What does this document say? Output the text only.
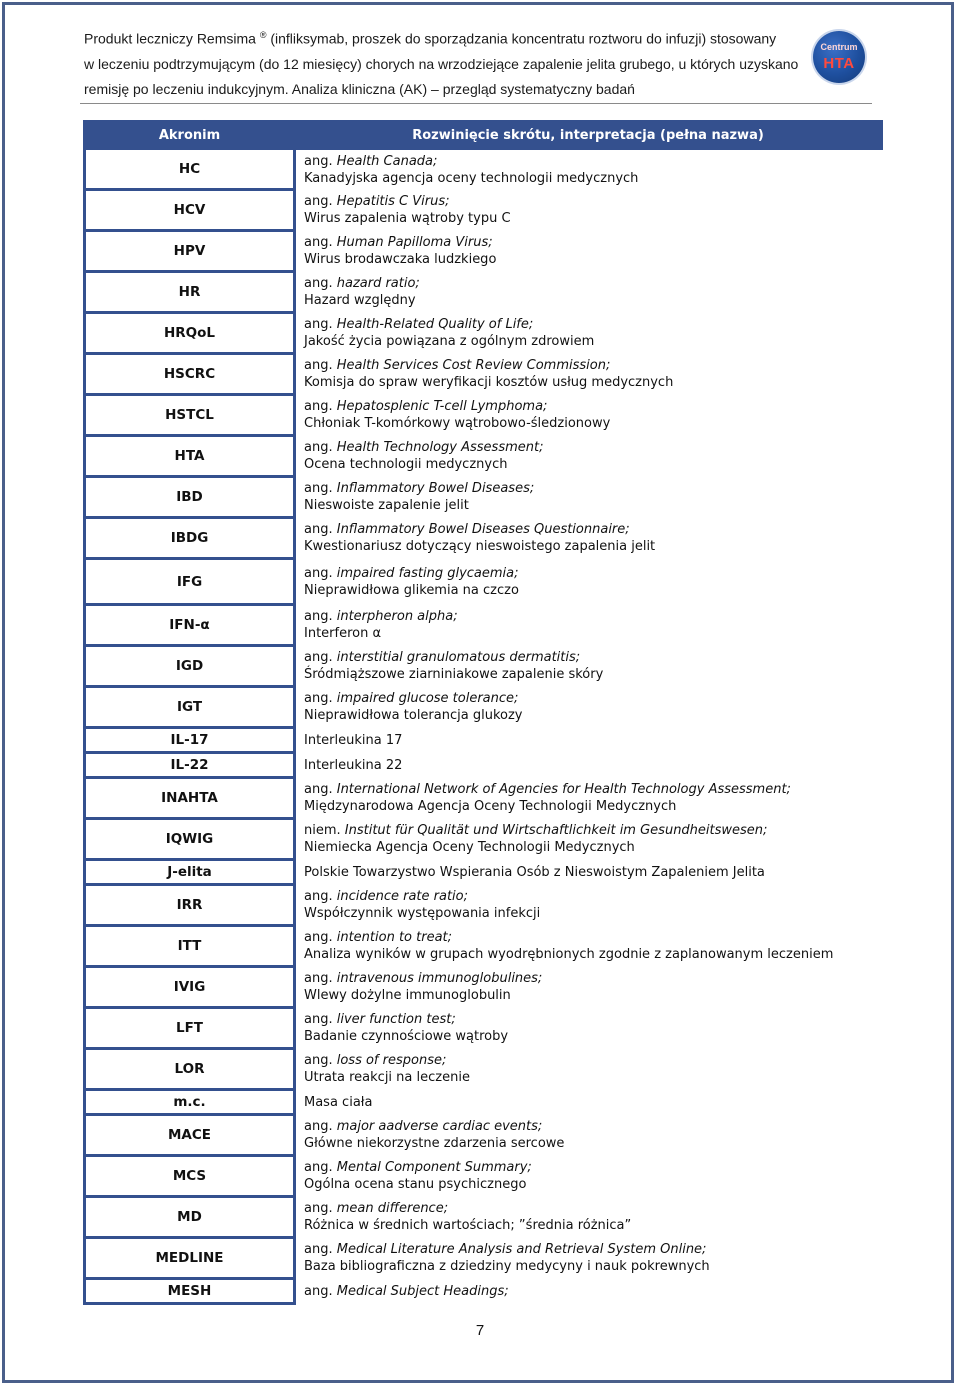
Produkt leczniczy Remsima ® (infliksymab, proszek do sporządzania koncentratu roztworu do infuzji) stosowany
w leczeniu podtrzymującym (do 12 miesięcy) chorych na wrzodziejące zapalenie jelita grubego, u których uzyskano
remisję po leczeniu indukcyjnym. Analiza kliniczna (AK) – przegląd systematyczny badań
Centrum
HTA
Akronim	Rozwinięcie skrótu, interpretacja (pełna nazwa)
HC	ang. Health Canada;
Kanadyjska agencja oceny technologii medycznych

HCV	ang. Hepatitis C Virus;
Wirus zapalenia wątroby typu C

HPV	ang. Human Papilloma Virus;
Wirus brodawczaka ludzkiego

HR	ang. hazard ratio;
Hazard względny

HRQoL	ang. Health-Related Quality of Life;
Jakość życia powiązana z ogólnym zdrowiem

HSCRC	ang. Health Services Cost Review Commission;
Komisja do spraw weryfikacji kosztów usług medycznych

HSTCL	ang. Hepatosplenic T-cell Lymphoma;
Chłoniak T-komórkowy wątrobowo-śledzionowy

HTA	ang. Health Technology Assessment;
Ocena technologii medycznych

IBD	ang. Inflammatory Bowel Diseases;
Nieswoiste zapalenie jelit

IBDG	ang. Inflammatory Bowel Diseases Questionnaire;
Kwestionariusz dotyczący nieswoistego zapalenia jelit

IFG	ang. impaired fasting glycaemia;
Nieprawidłowa glikemia na czczo

IFN-α	ang. interpheron alpha;
Interferon α

IGD	ang. interstitial granulomatous dermatitis;
Śródmiąższowe ziarniniakowe zapalenie skóry

IGT	ang. impaired glucose tolerance;
Nieprawidłowa tolerancja glukozy

IL-17	Interleukina 17

IL-22	Interleukina 22

INAHTA	ang. International Network of Agencies for Health Technology Assessment;
Międzynarodowa Agencja Oceny Technologii Medycznych

IQWIG	niem. Institut für Qualität und Wirtschaftlichkeit im Gesundheitswesen;
Niemiecka Agencja Oceny Technologii Medycznych

J-elita	Polskie Towarzystwo Wspierania Osób z Nieswoistym Zapaleniem Jelita

IRR	ang. incidence rate ratio;
Współczynnik występowania infekcji

ITT	ang. intention to treat;
Analiza wyników w grupach wyodrębnionych zgodnie z zaplanowanym leczeniem

IVIG	ang. intravenous immunoglobulines;
Wlewy dożylne immunoglobulin

LFT	ang. liver function test;
Badanie czynnościowe wątroby

LOR	ang. loss of response;
Utrata reakcji na leczenie

m.c.	Masa ciała

MACE	ang. major aadverse cardiac events;
Główne niekorzystne zdarzenia sercowe

MCS	ang. Mental Component Summary;
Ogólna ocena stanu psychicznego

MD	ang. mean difference;
Różnica w średnich wartościach; ”średnia różnica”

MEDLINE	ang. Medical Literature Analysis and Retrieval System Online;
Baza bibliograficzna z dziedziny medycyny i nauk pokrewnych

MESH	ang. Medical Subject Headings;
7
